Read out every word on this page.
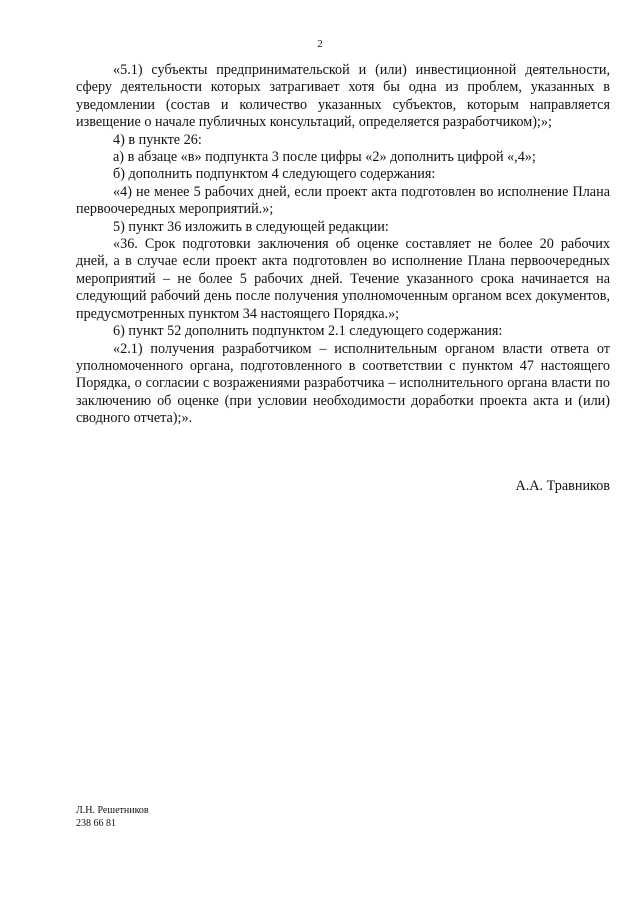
2

«5.1) субъекты предпринимательской и (или) инвестиционной деятельности, сферу деятельности которых затрагивает хотя бы одна из проблем, указанных в уведомлении (состав и количество указанных субъектов, которым направляется извещение о начале публичных консультаций, определяется разработчиком);»;

4) в пункте 26:

а) в абзаце «в» подпункта 3 после цифры «2» дополнить цифрой «,4»;

б) дополнить подпунктом 4 следующего содержания:

«4) не менее 5 рабочих дней, если проект акта подготовлен во исполнение Плана первоочередных мероприятий.»;

5) пункт 36 изложить в следующей редакции:

«36. Срок подготовки заключения об оценке составляет не более 20 рабочих дней, а в случае если проект акта подготовлен во исполнение Плана первоочередных мероприятий – не более 5 рабочих дней. Течение указанного срока начинается на следующий рабочий день после получения уполномоченным органом всех документов, предусмотренных пунктом 34 настоящего Порядка.»;

6) пункт 52 дополнить подпунктом 2.1 следующего содержания:

«2.1) получения разработчиком – исполнительным органом власти ответа от уполномоченного органа, подготовленного в соответствии с пунктом 47 настоящего Порядка, о согласии с возражениями разработчика – исполнительного органа власти по заключению об оценке (при условии необходимости доработки проекта акта и (или) сводного отчета);».

А.А. Травников
Л.Н. Решетников
238 66 81
